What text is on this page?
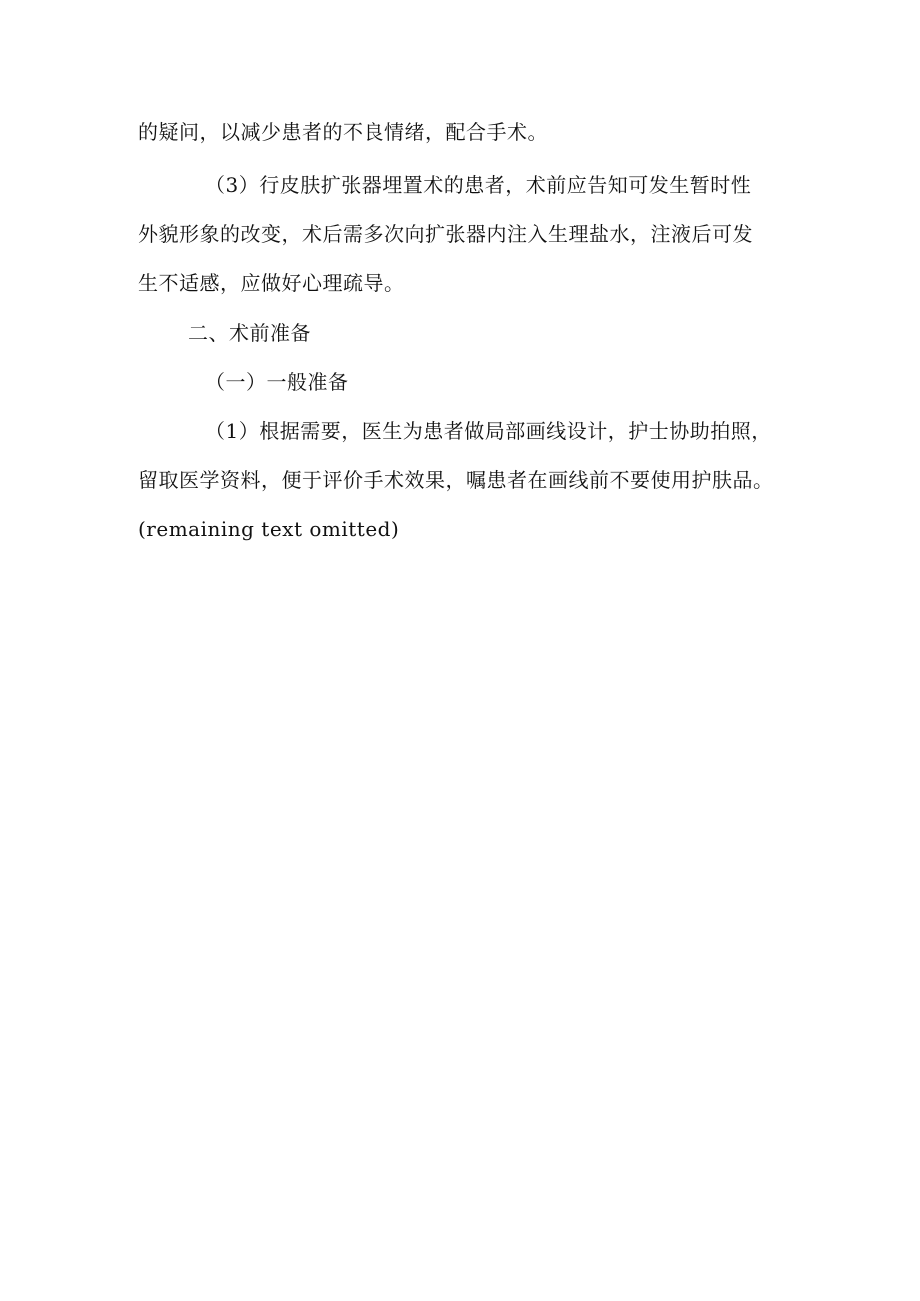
的疑问，以减少患者的不良情绪，配合手术。
（3）行皮肤扩张器埋置术的患者，术前应告知可发生暂时性
外貌形象的改变，术后需多次向扩张器内注入生理盐水，注液后可发
生不适感，应做好心理疏导。
二、术前准备
（一）一般准备
（1）根据需要，医生为患者做局部画线设计，护士协助拍照，
留取医学资料，便于评价手术效果，嘱患者在画线前不要使用护肤品。
(remaining text omitted)
